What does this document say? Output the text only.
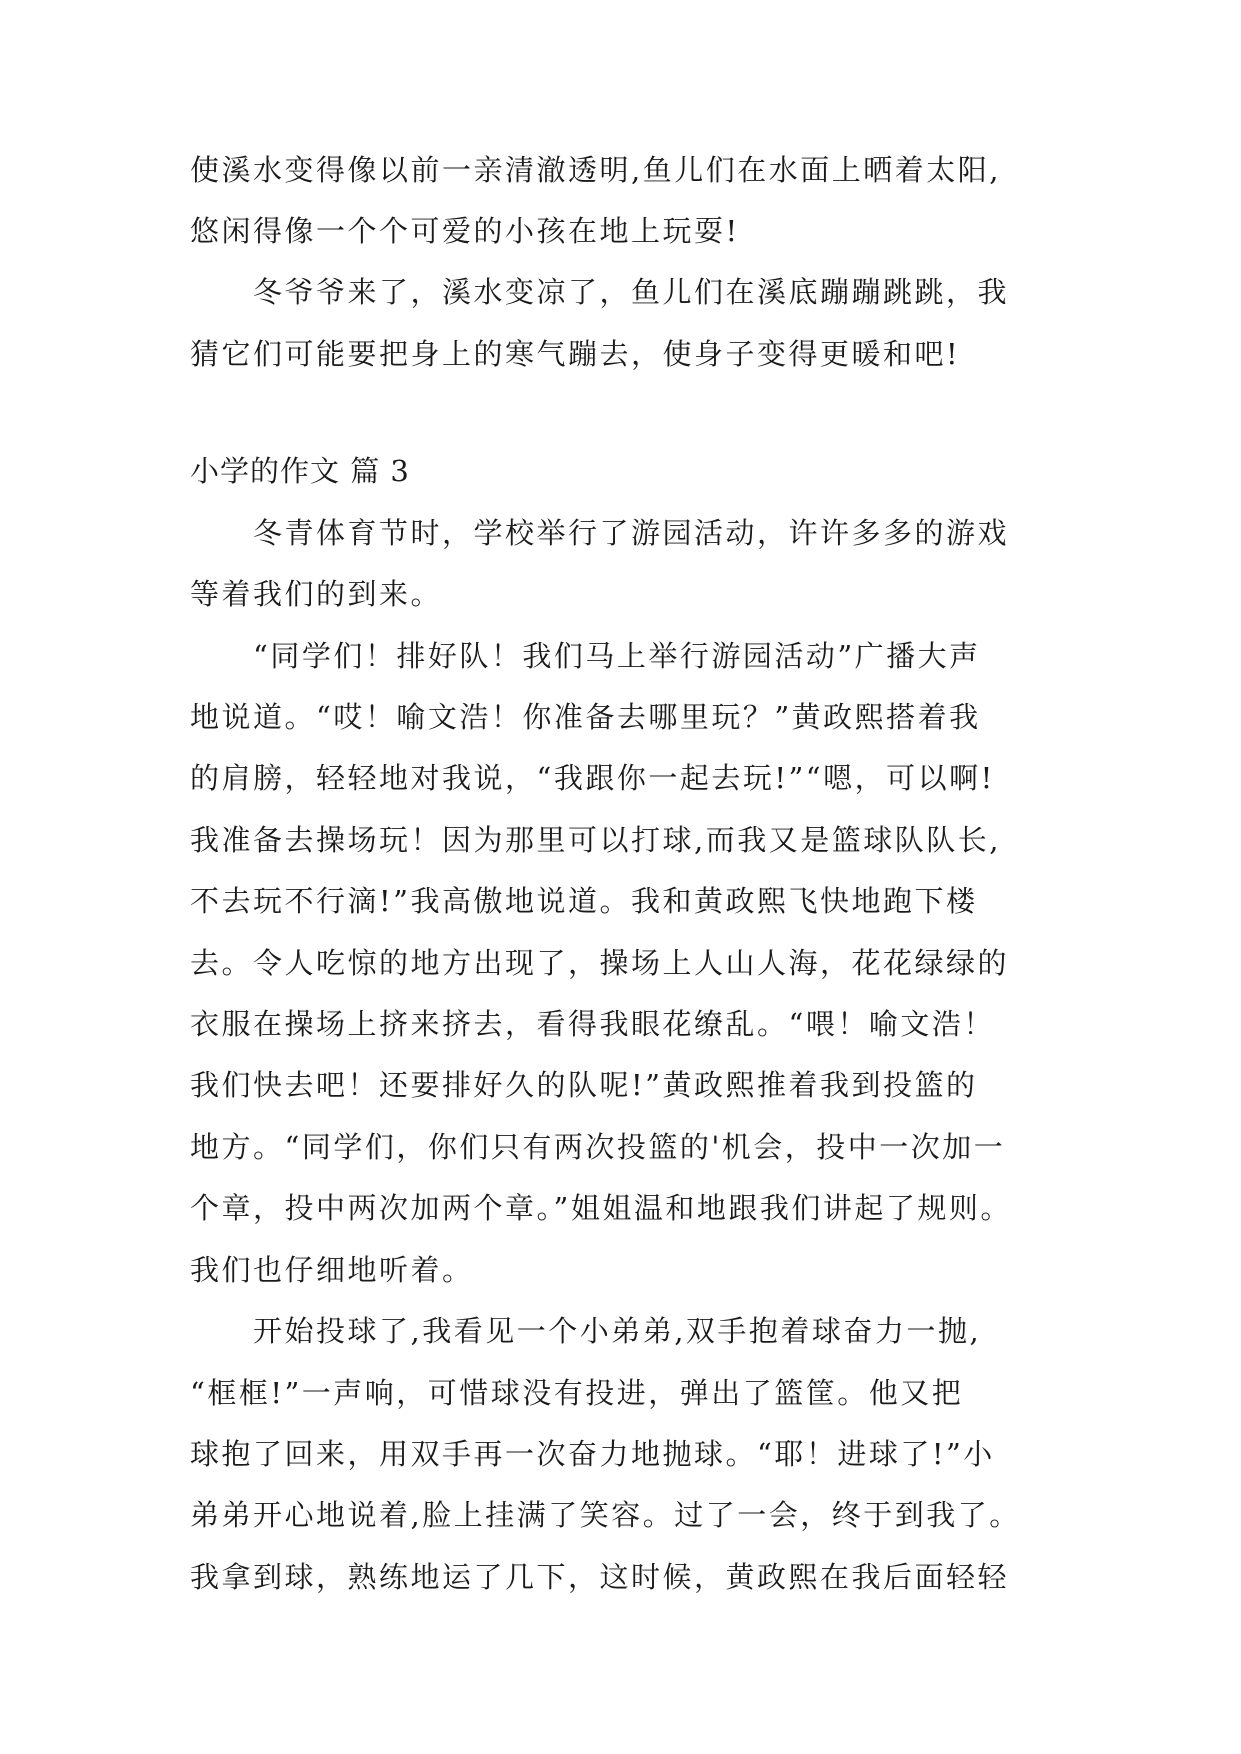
使溪水变得像以前一亲清澈透明,鱼儿们在水面上晒着太阳,
悠闲得像一个个可爱的小孩在地上玩耍!
　　冬爷爷来了，溪水变凉了，鱼儿们在溪底蹦蹦跳跳，我
猜它们可能要把身上的寒气蹦去，使身子变得更暖和吧!
小学的作文 篇 3
　　冬青体育节时，学校举行了游园活动，许许多多的游戏
等着我们的到来。
　　“同学们！排好队！我们马上举行游园活动”广播大声
地说道。“哎！喻文浩！你准备去哪里玩？”黄政熙搭着我
的肩膀，轻轻地对我说，“我跟你一起去玩!”“嗯，可以啊!
我准备去操场玩！因为那里可以打球,而我又是篮球队队长,
不去玩不行滴!”我高傲地说道。我和黄政熙飞快地跑下楼
去。令人吃惊的地方出现了，操场上人山人海，花花绿绿的
衣服在操场上挤来挤去，看得我眼花缭乱。“喂！喻文浩！
我们快去吧！还要排好久的队呢!”黄政熙推着我到投篮的
地方。“同学们，你们只有两次投篮的'机会，投中一次加一
个章，投中两次加两个章。”姐姐温和地跟我们讲起了规则。
我们也仔细地听着。
　　开始投球了,我看见一个小弟弟,双手抱着球奋力一抛,
“框框!”一声响，可惜球没有投进，弹出了篮筐。他又把
球抱了回来，用双手再一次奋力地抛球。“耶！进球了!”小
弟弟开心地说着,脸上挂满了笑容。过了一会，终于到我了。
我拿到球，熟练地运了几下，这时候，黄政熙在我后面轻轻
